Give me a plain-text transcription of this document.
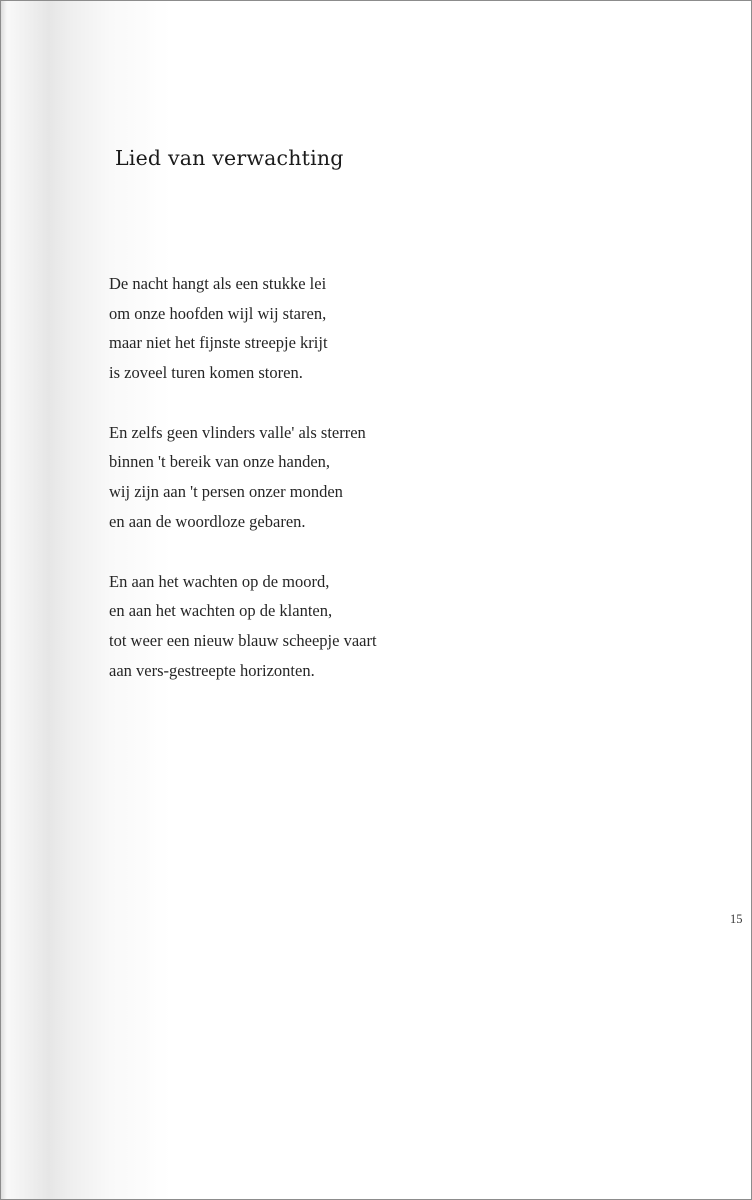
Lied van verwachting
De nacht hangt als een stukke lei
om onze hoofden wijl wij staren,
maar niet het fijnste streepje krijt
is zoveel turen komen storen.
En zelfs geen vlinders valle' als sterren
binnen 't bereik van onze handen,
wij zijn aan 't persen onzer monden
en aan de woordloze gebaren.
En aan het wachten op de moord,
en aan het wachten op de klanten,
tot weer een nieuw blauw scheepje vaart
aan vers-gestreepte horizonten.
15
